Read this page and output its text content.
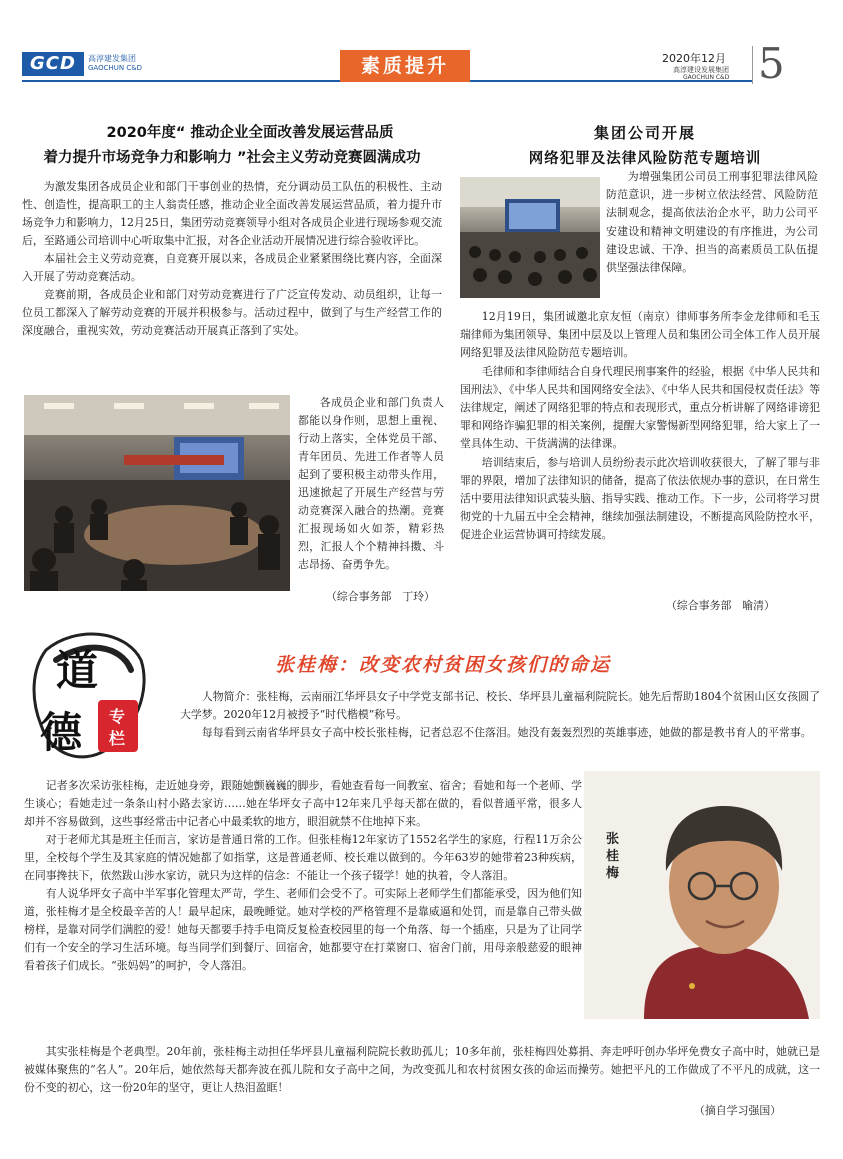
GCD	高淳建发集团
GAOCHUN C&D	素质提升	2020年12月
高淳建设发展集团
GAOCHUN C&D 5
2020年度“ 推动企业全面改善发展运营品质
着力提升市场竞争力和影响力 ”社会主义劳动竞赛圆满成功

为激发集团各成员企业和部门干事创业的热情，充分调动员工队伍的积极性、主动性、创造性，提高职工的主人翁责任感，推动企业全面改善发展运营品质，着力提升市场竞争力和影响力，12月25日，集团劳动竞赛领导小组对各成员企业进行现场参观交流后，至路通公司培训中心听取集中汇报，对各企业活动开展情况进行综合验收评比。

本届社会主义劳动竞赛，自竞赛开展以来，各成员企业紧紧围绕比赛内容，全面深入开展了劳动竞赛活动。

竞赛前期，各成员企业和部门对劳动竞赛进行了广泛宣传发动、动员组织，让每一位员工都深入了解劳动竞赛的开展并积极参与。活动过程中，做到了与生产经营工作的深度融合，重视实效，劳动竞赛活动开展真正落到了实处。

各成员企业和部门负责人都能以身作则，思想上重视、行动上落实，全体党员干部、青年团员、先进工作者等人员起到了要积极主动带头作用，迅速掀起了开展生产经营与劳动竞赛深入融合的热潮。竞赛汇报现场如火如荼，精彩热烈，汇报人个个精神抖擞、斗志昂扬、奋勇争先。

（综合事务部　丁玲）
集团公司开展
网络犯罪及法律风险防范专题培训

为增强集团公司员工刑事犯罪法律风险防范意识，进一步树立依法经营、风险防范法制观念，提高依法治企水平，助力公司平安建设和精神文明建设的有序推进，为公司建设忠诚、干净、担当的高素质员工队伍提供坚强法律保障。

12月19日，集团诚邀北京友恒（南京）律师事务所李金龙律师和毛玉瑞律师为集团领导、集团中层及以上管理人员和集团公司全体工作人员开展网络犯罪及法律风险防范专题培训。

毛律师和李律师结合自身代理民刑事案件的经验，根据《中华人民共和国刑法》、《中华人民共和国网络安全法》、《中华人民共和国侵权责任法》等法律规定，阐述了网络犯罪的特点和表现形式，重点分析讲解了网络诽谤犯罪和网络诈骗犯罪的相关案例，提醒大家警惕新型网络犯罪，给大家上了一堂具体生动、干货满满的法律课。

培训结束后，参与培训人员纷纷表示此次培训收获很大，了解了罪与非罪的界限，增加了法律知识的储备，提高了依法依规办事的意识，在日常生活中要用法律知识武装头脑、指导实践、推动工作。下一步，公司将学习贯彻党的十九届五中全会精神，继续加强法制建设，不断提高风险防控水平，促进企业运营协调可持续发展。

（综合事务部　喻清）
道
德 专
栏
张桂梅：改变农村贫困女孩们的命运

人物简介：张桂梅，云南丽江华坪县女子中学党支部书记、校长、华坪县儿童福利院院长。她先后帮助1804个贫困山区女孩圆了大学梦。2020年12月被授予“时代楷模”称号。

每每看到云南省华坪县女子高中校长张桂梅，记者总忍不住落泪。她没有轰轰烈烈的英雄事迹，她做的都是教书育人的平常事。

记者多次采访张桂梅，走近她身旁，跟随她颤巍巍的脚步，看她查看每一间教室、宿舍；看她和每一个老师、学生谈心；看她走过一条条山村小路去家访……她在华坪女子高中12年来几乎每天都在做的，看似普通平常，很多人却并不容易做到，这些事经常击中记者心中最柔软的地方，眼泪就禁不住地掉下来。

对于老师尤其是班主任而言，家访是普通日常的工作。但张桂梅12年家访了1552名学生的家庭，行程11万余公里，全校每个学生及其家庭的情况她都了如指掌，这是普通老师、校长难以做到的。今年63岁的她带着23种疾病，在同事搀扶下，依然跋山涉水家访，就只为这样的信念：不能让一个孩子辍学！她的执着，令人落泪。

有人说华坪女子高中半军事化管理太严苛，学生、老师们会受不了。可实际上老师学生们都能承受，因为他们知道，张桂梅才是全校最辛苦的人！最早起床，最晚睡觉。她对学校的严格管理不是靠威逼和处罚，而是靠自己带头做榜样，是靠对同学们满腔的爱！她每天都要手持手电筒反复检查校园里的每一个角落、每一个插座，只是为了让同学们有一个安全的学习生活环境。每当同学们到餐厅、回宿舍，她都要守在打菜窗口、宿舍门前，用母亲般慈爱的眼神看着孩子们成长。“张妈妈”的呵护，令人落泪。

张桂梅

其实张桂梅是个老典型。20年前，张桂梅主动担任华坪县儿童福利院院长救助孤儿；10多年前，张桂梅四处募捐、奔走呼吁创办华坪免费女子高中时，她就已是被媒体聚焦的“名人”。20年后，她依然每天都奔波在孤儿院和女子高中之间，为改变孤儿和农村贫困女孩的命运而操劳。她把平凡的工作做成了不平凡的成就，这一份不变的初心，这一份20年的坚守，更让人热泪盈眶！

（摘自学习强国）
